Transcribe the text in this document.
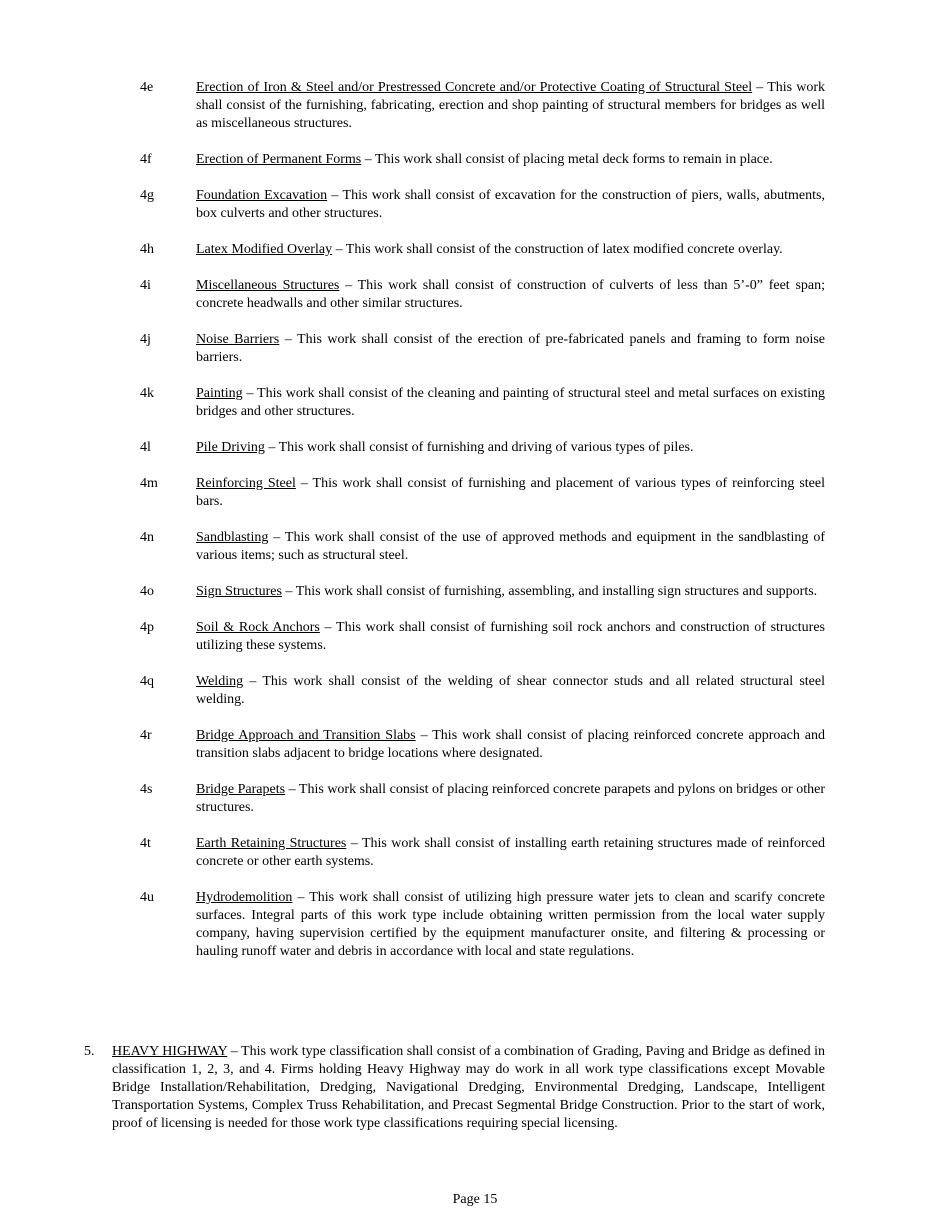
4e	Erection of Iron & Steel and/or Prestressed Concrete and/or Protective Coating of Structural Steel – This work shall consist of the furnishing, fabricating, erection and shop painting of structural members for bridges as well as miscellaneous structures.
4f	Erection of Permanent Forms – This work shall consist of placing metal deck forms to remain in place.
4g	Foundation Excavation – This work shall consist of excavation for the construction of piers, walls, abutments, box culverts and other structures.
4h	Latex Modified Overlay – This work shall consist of the construction of latex modified concrete overlay.
4i	Miscellaneous Structures – This work shall consist of construction of culverts of less than 5’-0” feet span; concrete headwalls and other similar structures.
4j	Noise Barriers – This work shall consist of the erection of pre-fabricated panels and framing to form noise barriers.
4k	Painting – This work shall consist of the cleaning and painting of structural steel and metal surfaces on existing bridges and other structures.
4l	Pile Driving – This work shall consist of furnishing and driving of various types of piles.
4m	Reinforcing Steel – This work shall consist of furnishing and placement of various types of reinforcing steel bars.
4n	Sandblasting – This work shall consist of the use of approved methods and equipment in the sandblasting of various items; such as structural steel.
4o	Sign Structures – This work shall consist of furnishing, assembling, and installing sign structures and supports.
4p	Soil & Rock Anchors – This work shall consist of furnishing soil rock anchors and construction of structures utilizing these systems.
4q	Welding – This work shall consist of the welding of shear connector studs and all related structural steel welding.
4r	Bridge Approach and Transition Slabs – This work shall consist of placing reinforced concrete approach and transition slabs adjacent to bridge locations where designated.
4s	Bridge Parapets – This work shall consist of placing reinforced concrete parapets and pylons on bridges or other structures.
4t	Earth Retaining Structures – This work shall consist of installing earth retaining structures made of reinforced concrete or other earth systems.
4u	Hydrodemolition – This work shall consist of utilizing high pressure water jets to clean and scarify concrete surfaces. Integral parts of this work type include obtaining written permission from the local water supply company, having supervision certified by the equipment manufacturer onsite, and filtering & processing or hauling runoff water and debris in accordance with local and state regulations.
5.	HEAVY HIGHWAY – This work type classification shall consist of a combination of Grading, Paving and Bridge as defined in classification 1, 2, 3, and 4. Firms holding Heavy Highway may do work in all work type classifications except Movable Bridge Installation/Rehabilitation, Dredging, Navigational Dredging, Environmental Dredging, Landscape, Intelligent Transportation Systems, Complex Truss Rehabilitation, and Precast Segmental Bridge Construction. Prior to the start of work, proof of licensing is needed for those work type classifications requiring special licensing.
Page 15
